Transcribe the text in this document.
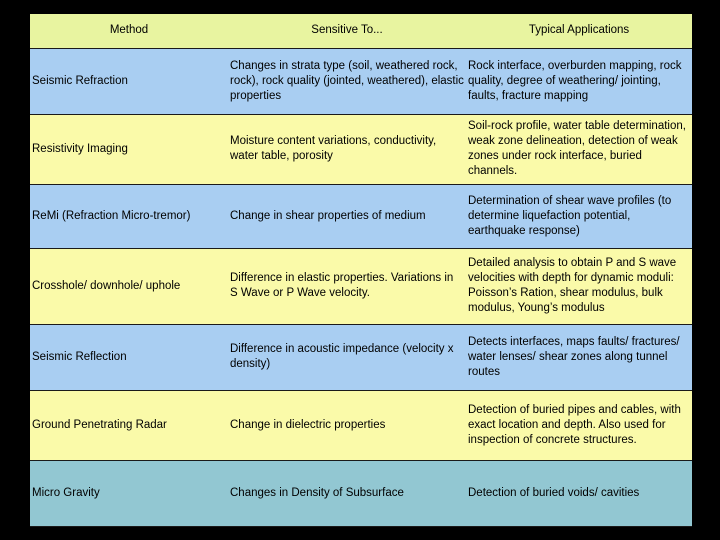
Method	Sensitive To...	Typical Applications
Seismic Refraction	Changes in strata type (soil, weathered rock, rock), rock quality (jointed, weathered), elastic properties	Rock interface, overburden mapping, rock quality, degree of weathering/ jointing, faults, fracture mapping
Resistivity Imaging	Moisture content variations, conductivity, water table, porosity	Soil-rock profile, water table determination, weak zone delineation, detection of weak zones under rock interface, buried channels.
ReMi (Refraction Micro-tremor)	Change in shear properties of medium	Determination of shear wave profiles (to determine liquefaction potential, earthquake response)
Crosshole/ downhole/ uphole	Difference in elastic properties. Variations in S Wave or P Wave velocity.	Detailed analysis to obtain P and S wave velocities with depth for dynamic moduli: Poisson’s Ration, shear modulus, bulk modulus, Young’s modulus
Seismic Reflection	Difference in acoustic impedance (velocity x density)	Detects interfaces, maps faults/ fractures/ water lenses/ shear zones along tunnel routes
Ground Penetrating Radar	Change in dielectric properties	Detection of buried pipes and cables, with exact location and depth. Also used for inspection of concrete structures.
Micro Gravity	Changes in Density of Subsurface	Detection of buried voids/ cavities
